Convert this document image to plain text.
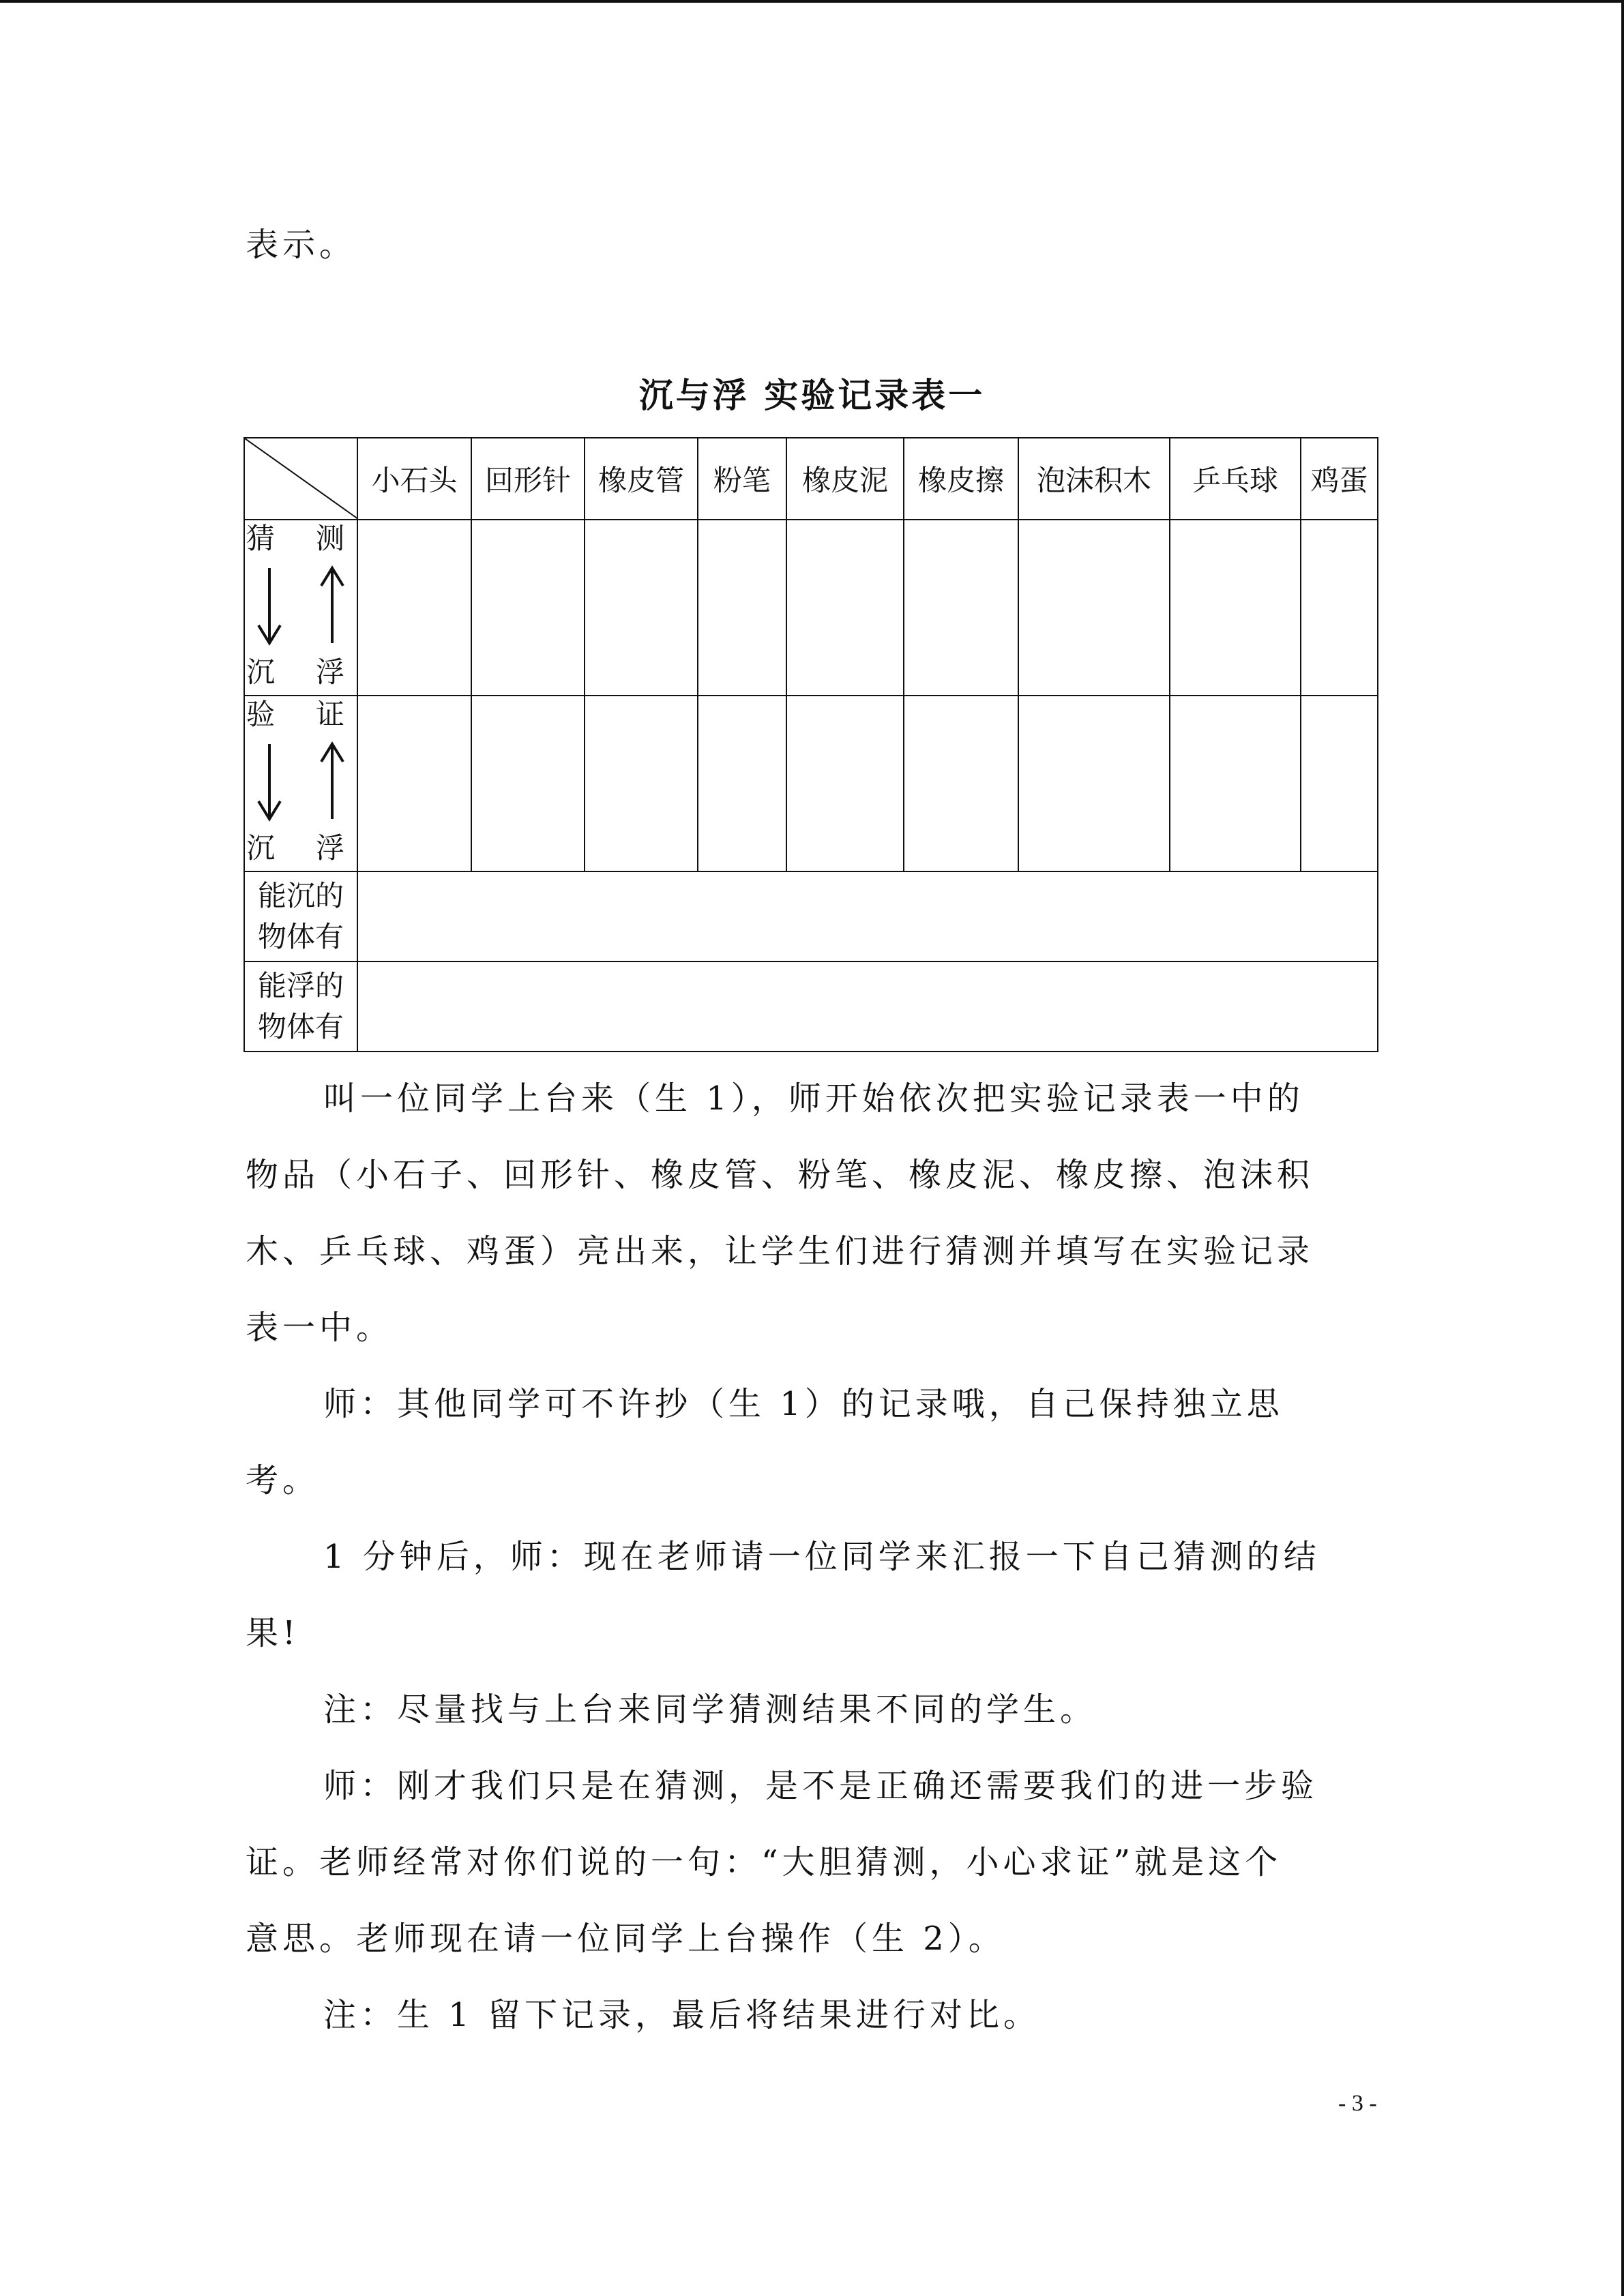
表示。
沉与浮 实验记录表一
	小石头	回形针	橡皮管	粉笔	橡皮泥	橡皮擦	泡沫积木	乒乓球	鸡蛋

猜 测
沉 浮									

验 证
沉 浮									

能沉的
物体有									

能浮的
物体有									

叫一位同学上台来（生 1），师开始依次把实验记录表一中的
物品（小石子、回形针、橡皮管、粉笔、橡皮泥、橡皮擦、泡沫积
木、乒乓球、鸡蛋）亮出来，让学生们进行猜测并填写在实验记录
表一中。
师：其他同学可不许抄（生 1）的记录哦，自己保持独立思
考。
1 分钟后，师：现在老师请一位同学来汇报一下自己猜测的结
果!
注：尽量找与上台来同学猜测结果不同的学生。
师：刚才我们只是在猜测，是不是正确还需要我们的进一步验
证。老师经常对你们说的一句：“大胆猜测，小心求证”就是这个
意思。老师现在请一位同学上台操作（生 2）。
注：生 1 留下记录，最后将结果进行对比。
- 3 -
